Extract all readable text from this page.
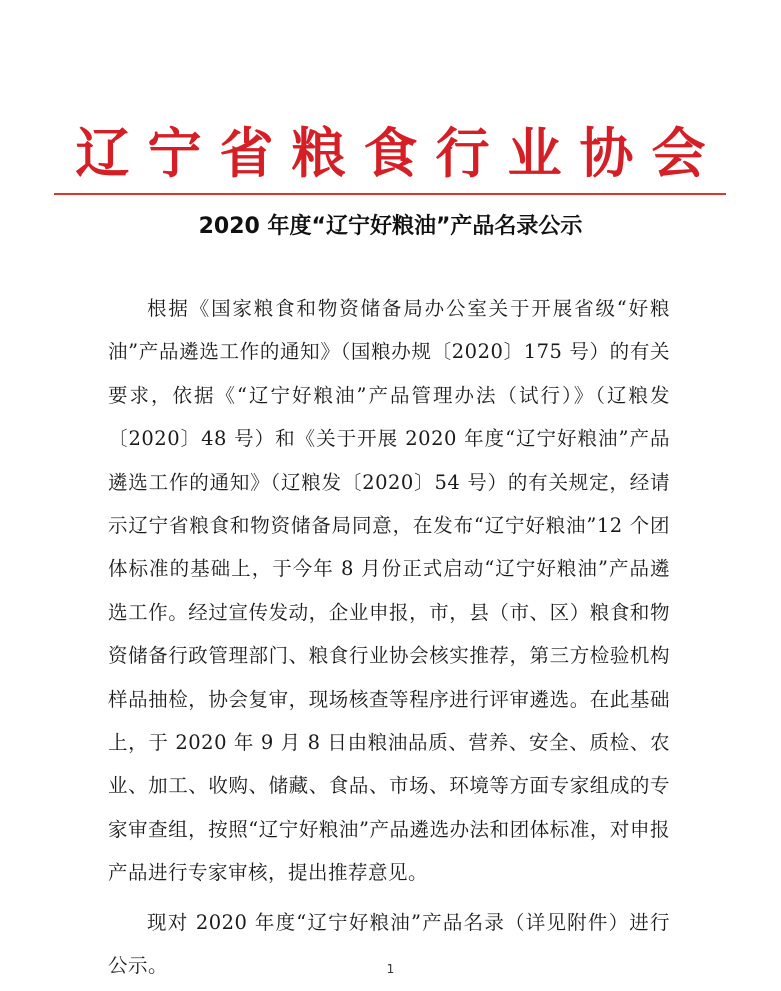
辽宁省粮食行业协会
2020 年度“辽宁好粮油”产品名录公示

根据《国家粮食和物资储备局办公室关于开展省级“好粮油”产品遴选工作的通知》（国粮办规〔2020〕175 号）的有关要求，依据《“辽宁好粮油”产品管理办法（试行）》（辽粮发〔2020〕48 号）和《关于开展 2020 年度“辽宁好粮油”产品遴选工作的通知》（辽粮发〔2020〕54 号）的有关规定，经请示辽宁省粮食和物资储备局同意，在发布“辽宁好粮油”12 个团体标准的基础上，于今年 8 月份正式启动“辽宁好粮油”产品遴选工作。经过宣传发动，企业申报，市，县（市、区）粮食和物资储备行政管理部门、粮食行业协会核实推荐，第三方检验机构样品抽检，协会复审，现场核查等程序进行评审遴选。在此基础上，于 2020 年 9 月 8 日由粮油品质、营养、安全、质检、农业、加工、收购、储藏、食品、市场、环境等方面专家组成的专家审查组，按照“辽宁好粮油”产品遴选办法和团体标准，对申报产品进行专家审核，提出推荐意见。

现对 2020 年度“辽宁好粮油”产品名录（详见附件）进行公示。	1
